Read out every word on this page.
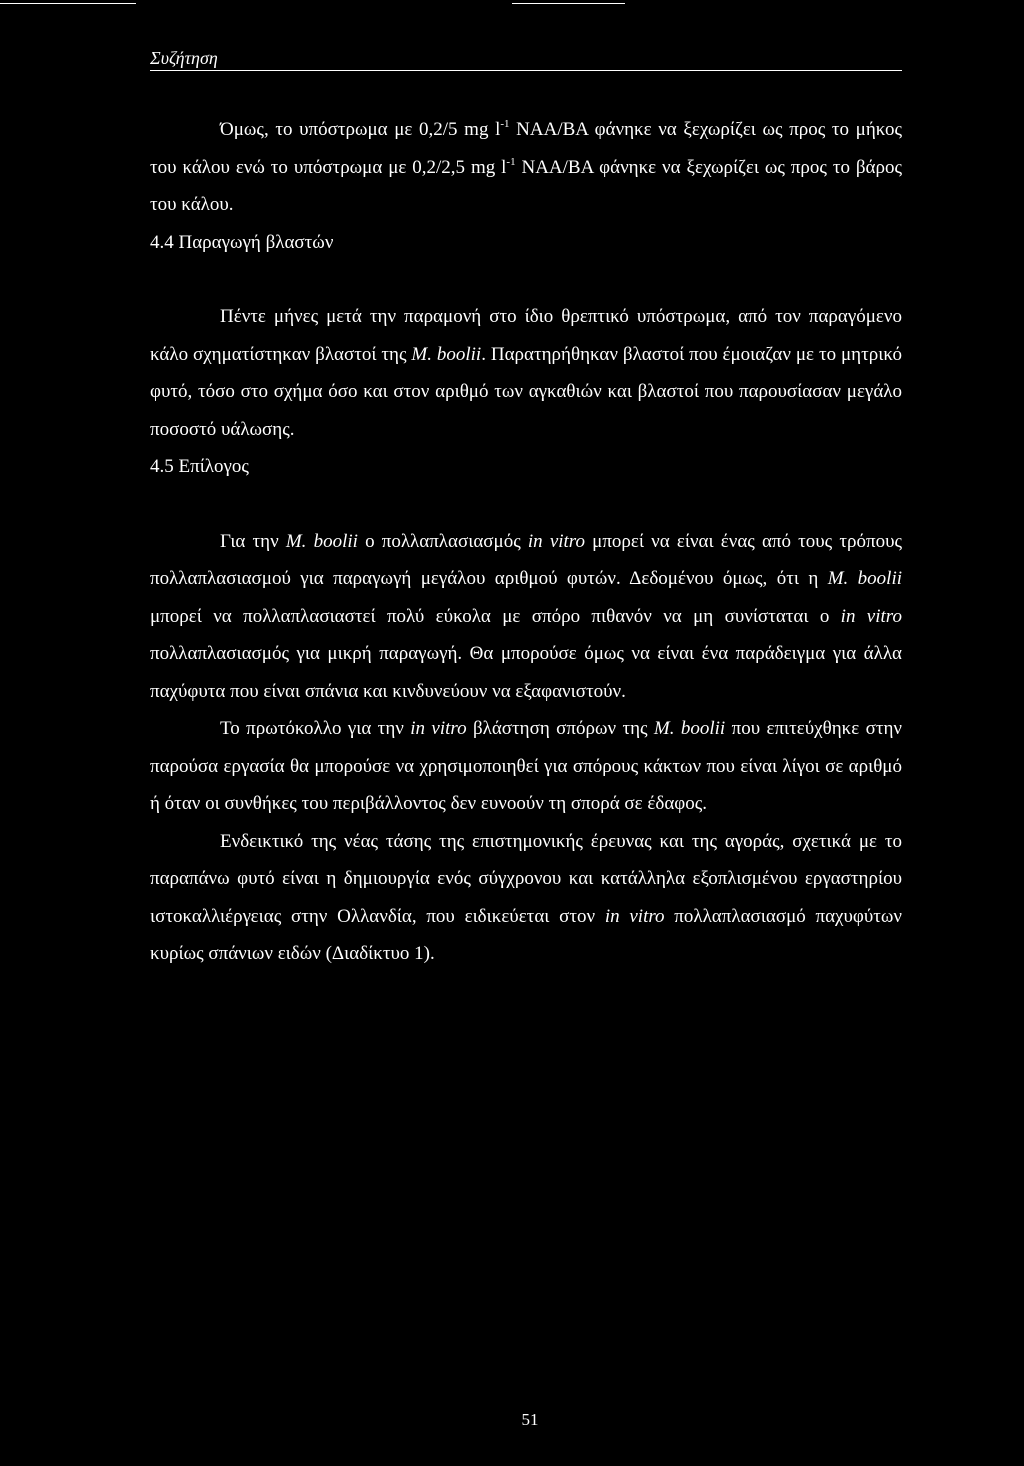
Συζήτηση

Όμως, το υπόστρωμα με 0,2/5 mg $l^{-1}$ NAA/BA φάνηκε να ξεχωρίζει ως προς το μήκος του κάλου ενώ το υπόστρωμα με 0,2/2,5 mg $l^{-1}$ NAA/BA φάνηκε να ξεχωρίζει ως προς το βάρος του κάλου.

4.4 Παραγωγή βλαστών

Πέντε μήνες μετά την παραμονή στο ίδιο θρεπτικό υπόστρωμα, από τον παραγόμενο κάλο σχηματίστηκαν βλαστοί της M. boolii. Παρατηρήθηκαν βλαστοί που έμοιαζαν με το μητρικό φυτό, τόσο στο σχήμα όσο και στον αριθμό των αγκαθιών και βλαστοί που παρουσίασαν μεγάλο ποσοστό υάλωσης.

4.5 Επίλογος

Για την M. boolii ο πολλαπλασιασμός in vitro μπορεί να είναι ένας από τους τρόπους πολλαπλασιασμού για παραγωγή μεγάλου αριθμού φυτών. Δεδομένου όμως, ότι η M. boolii μπορεί να πολλαπλασιαστεί πολύ εύκολα με σπόρο πιθανόν να μη συνίσταται ο in vitro πολλαπλασιασμός για μικρή παραγωγή. Θα μπορούσε όμως να είναι ένα παράδειγμα για άλλα παχύφυτα που είναι σπάνια και κινδυνεύουν να εξαφανιστούν.

Το πρωτόκολλο για την in vitro βλάστηση σπόρων της M. boolii που επιτεύχθηκε στην παρούσα εργασία θα μπορούσε να χρησιμοποιηθεί για σπόρους κάκτων που είναι λίγοι σε αριθμό ή όταν οι συνθήκες του περιβάλλοντος δεν ευνοούν τη σπορά σε έδαφος.

Ενδεικτικό της νέας τάσης της επιστημονικής έρευνας και της αγοράς, σχετικά με το παραπάνω φυτό είναι η δημιουργία ενός σύγχρονου και κατάλληλα εξοπλισμένου εργαστηρίου ιστοκαλλιέργειας στην Ολλανδία, που ειδικεύεται στον in vitro πολλαπλασιασμό παχυφύτων κυρίως σπάνιων ειδών (Διαδίκτυο 1).

51
